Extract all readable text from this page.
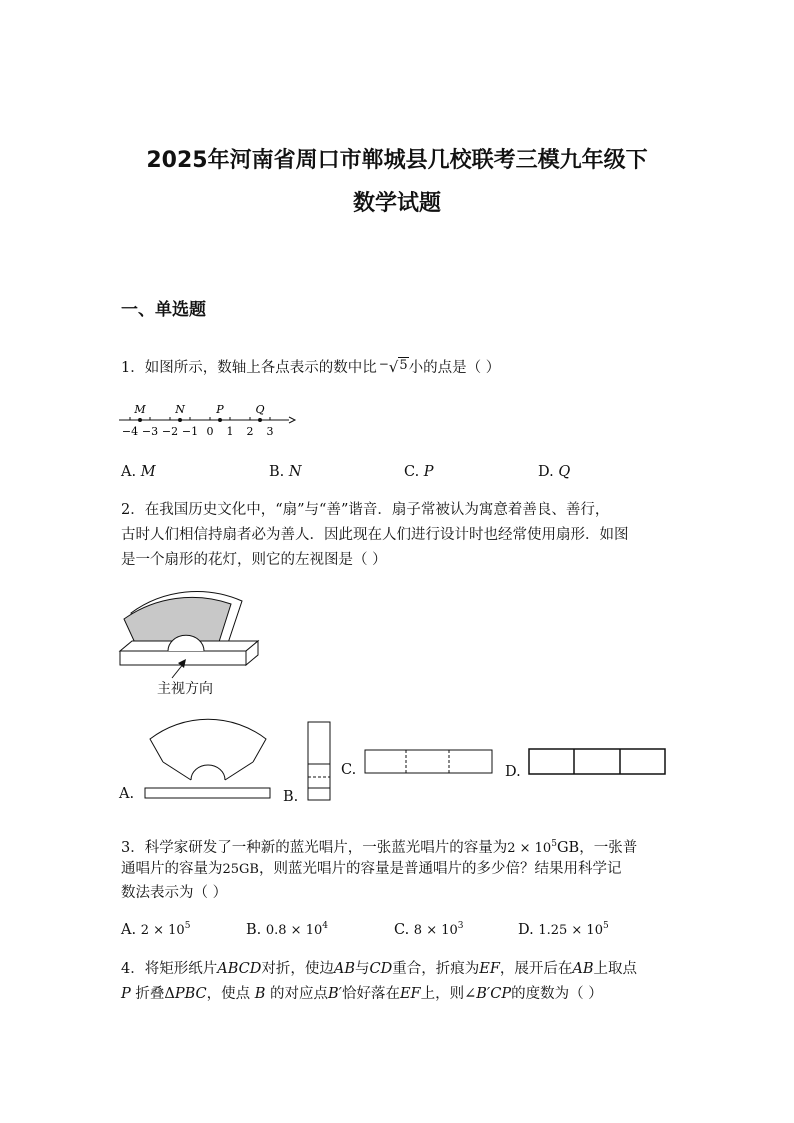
2025年河南省周口市郸城县几校联考三模九年级下
数学试题
一、单选题
1．如图所示，数轴上各点表示的数中比 −√5小的点是（ ）
−4 −3 −2 −1 0 1 2 3
M	N	P	Q
A. M	B. N	C. P	D. Q
2．在我国历史文化中，“扇”与“善”谐音．扇子常被认为寓意着善良、善行，
古时人们相信持扇者必为善人．因此现在人们进行设计时也经常使用扇形．如图
是一个扇形的花灯，则它的左视图是（ ）
主视方向
A.	B.
C.	D.
3．科学家研发了一种新的蓝光唱片，一张蓝光唱片的容量为$2 \times 10^5GB$，一张普
通唱片的容量为25GB，则蓝光唱片的容量是普通唱片的多少倍？结果用科学记
数法表示为（ ）
A. $2 \times 10^5$	B. $0.8 \times 10^4$	C. $8 \times 10^3$	D. $1.25 \times 10^5$
4．将矩形纸片ABCD对折，使边AB与CD重合，折痕为EF，展开后在AB上取点
P 折叠ΔPBC，使点 B 的对应点B′恰好落在EF上，则∠B′CP的度数为（ ）
